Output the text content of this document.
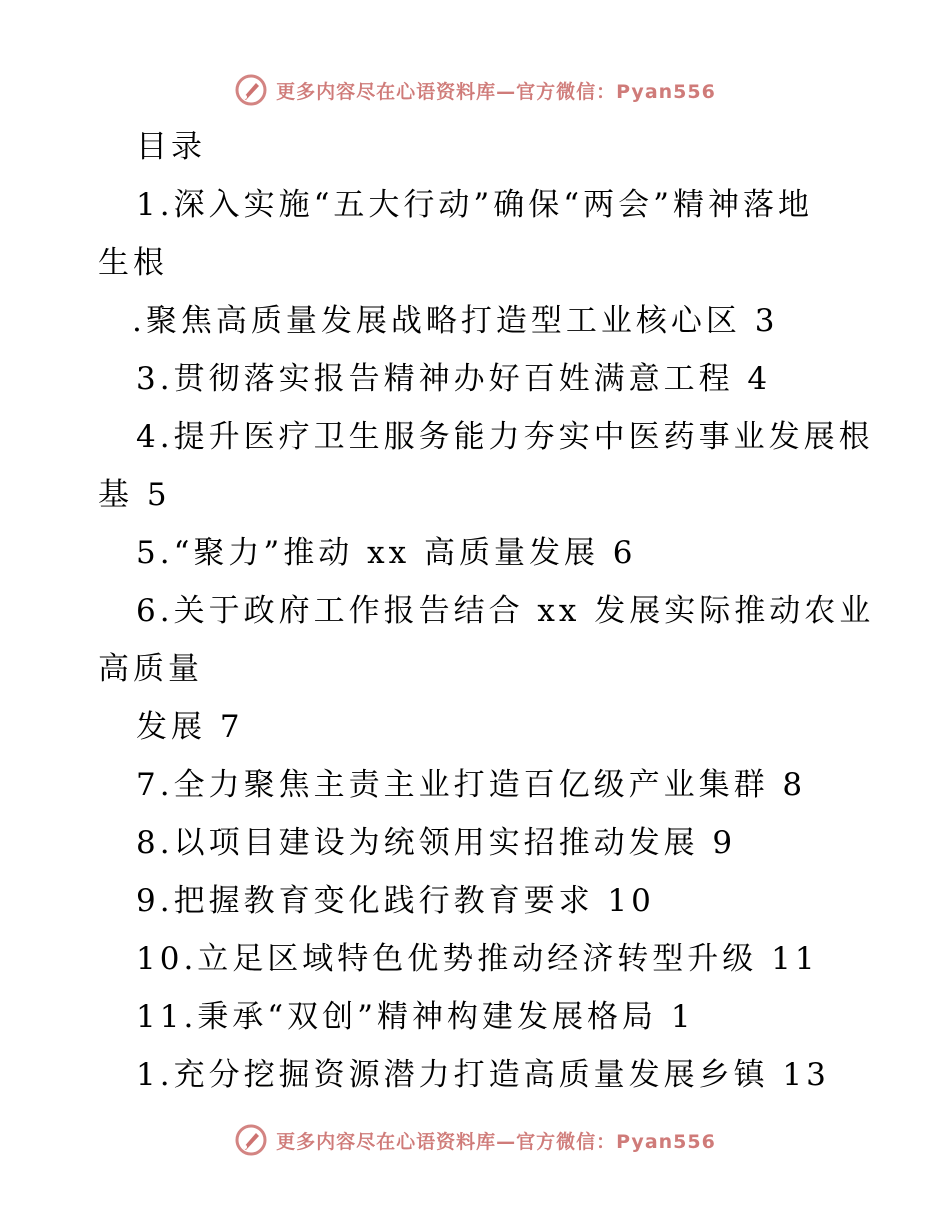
更多内容尽在心语资料库—官方微信：Pyan556
目录
1.深入实施“五大行动”确保“两会”精神落地
生根
.聚焦高质量发展战略打造型工业核心区 3
3.贯彻落实报告精神办好百姓满意工程 4
4.提升医疗卫生服务能力夯实中医药事业发展根
基 5
5.“聚力”推动 xx 高质量发展 6
6.关于政府工作报告结合 xx 发展实际推动农业
高质量
发展 7
7.全力聚焦主责主业打造百亿级产业集群 8
8.以项目建设为统领用实招推动发展 9
9.把握教育变化践行教育要求 10
10.立足区域特色优势推动经济转型升级 11
11.秉承“双创”精神构建发展格局 1
1.充分挖掘资源潜力打造高质量发展乡镇 13
更多内容尽在心语资料库—官方微信：Pyan556
